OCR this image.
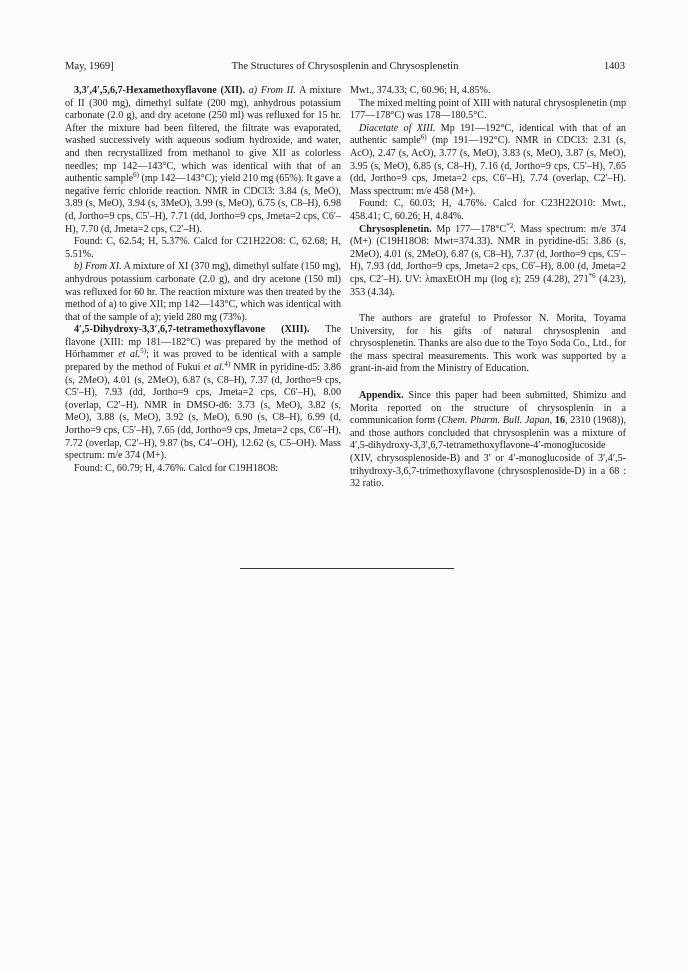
May, 1969]	The Structures of Chrysosplenin and Chrysosplenetin	1403

3,3′,4′,5,6,7-Hexamethoxyflavone (XII). a) From II. A mixture of II (300 mg), dimethyl sulfate (200 mg), anhydrous potassium carbonate (2.0 g), and dry acetone (250 ml) was refluxed for 15 hr. After the mixture had been filtered, the filtrate was evaporated, washed successively with aqueous sodium hydroxide, and water, and then recrystallized from methanol to give XII as colorless needles; mp 142—143°C, which was identical with that of an authentic sample$^{6)}$ (mp 142—143°C); yield 210 mg (65%). It gave a negative ferric chloride reaction. NMR in CDCl3: 3.84 (s, MeO), 3.89 (s, MeO), 3.94 (s, 3MeO), 3.99 (s, MeO), 6.75 (s, C8–H), 6.98 (d, Jortho=9 cps, C5′–H), 7.71 (dd, Jortho=9 cps, Jmeta=2 cps, C6′–H), 7.70 (d, Jmeta=2 cps, C2′–H).

Found: C, 62.54; H, 5.37%. Calcd for C21H22O8: C, 62.68; H, 5.51%.

b) From XI. A mixture of XI (370 mg), dimethyl sulfate (150 mg), anhydrous potassium carbonate (2.0 g), and dry acetone (150 ml) was refluxed for 60 hr. The reaction mixture was then treated by the method of a) to give XII; mp 142—143°C, which was identical with that of the sample of a); yield 280 mg (73%).

4′,5-Dihydroxy-3,3′,6,7-tetramethoxyflavone (XIII). The flavone (XIII: mp 181—182°C) was prepared by the method of Hörhammer et al.$^{5)}$; it was proved to be identical with a sample prepared by the method of Fukui et al.$^{4)}$ NMR in pyridine-d5: 3.86 (s, 2MeO), 4.01 (s, 2MeO), 6.87 (s, C8–H), 7.37 (d, Jortho=9 cps, C5′–H), 7.93 (dd, Jortho=9 cps, Jmeta=2 cps, C6′–H), 8.00 (overlap, C2′–H). NMR in DMSO-d6: 3.73 (s, MeO), 3.82 (s, MeO), 3.88 (s, MeO), 3.92 (s, MeO), 6.90 (s, C8–H), 6.99 (d, Jortho=9 cps, C5′–H), 7.65 (dd, Jortho=9 cps, Jmeta=2 cps, C6′–H), 7.72 (overlap, C2′–H), 9.87 (bs, C4′–OH), 12.62 (s, C5–OH). Mass spectrum: m/e 374 (M+).

Found: C, 60.79; H, 4.76%. Calcd for C19H18O8:

Mwt., 374.33; C, 60.96; H, 4.85%.

The mixed melting point of XIII with natural chrysosplenetin (mp 177—178°C) was 178—180.5°C.

Diacetate of XIII. Mp 191—192°C, identical with that of an authentic sample$^{6)}$ (mp 191—192°C). NMR in CDCl3: 2.31 (s, AcO), 2.47 (s, AcO), 3.77 (s, MeO), 3.83 (s, MeO), 3.87 (s, MeO), 3.95 (s, MeO), 6.85 (s, C8–H), 7.16 (d, Jortho=9 cps, C5′–H), 7.65 (dd, Jortho=9 cps, Jmeta=2 cps, C6′–H), 7.74 (overlap, C2′–H). Mass spectrum: m/e 458 (M+).

Found: C, 60.03; H, 4.76%. Calcd for C23H22O10: Mwt., 458.41; C, 60.26; H, 4.84%.

Chrysosplenetin. Mp $177—178^\circ C^{*2}$. Mass spectrum: m/e 374 (M+) (C19H18O8: Mwt=374.33). NMR in pyridine-d5: 3.86 (s, 2MeO), 4.01 (s, 2MeO), 6.87 (s, C8–H), 7.37 (d, Jortho=9 cps, C5′–H), 7.93 (dd, Jortho=9 cps, Jmeta=2 cps, C6′–H), 8.00 (d, Jmeta=2 cps, C2′–H). UV: λmaxEtOH mμ (log ε); 259 (4.28), 271$^{*6}$ (4.23), 353 (4.34).

The authors are grateful to Professor N. Morita, Toyama University, for his gifts of natural chrysosplenin and chrysosplenetin. Thanks are also due to the Toyo Soda Co., Ltd., for the mass spectral measurements. This work was supported by a grant-in-aid from the Ministry of Education.

Appendix. Since this paper had been submitted, Shimizu and Morita reported on the structure of chrysosplenin in a communication form (Chem. Pharm. Bull. Japan, 16, 2310 (1968)), and those authors concluded that chrysosplenin was a mixture of 4′,5-dihydroxy-3,3′,6,7-tetramethoxyflavone-4′-monoglucoside (XIV, chrysosplenoside-B) and 3′ or 4′-monoglucoside of 3′,4′,5-trihydroxy-3,6,7-trimethoxyflavone (chrysosplenoside-D) in a 68 : 32 ratio.
